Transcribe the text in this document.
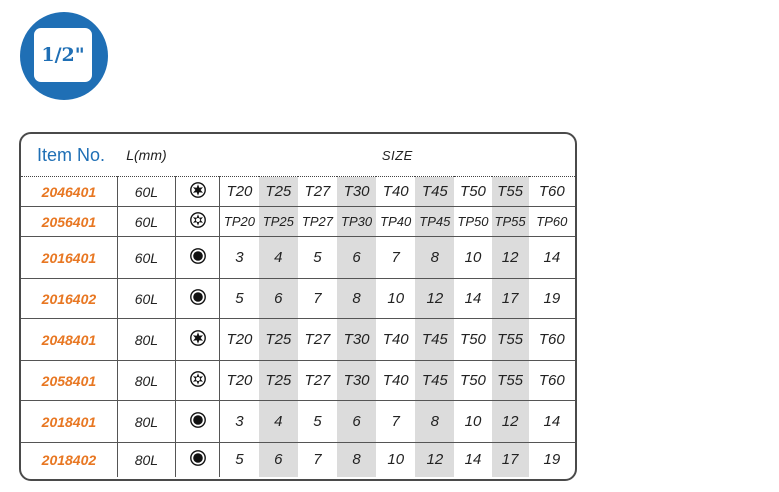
1/2"
Item No.	L(mm)		SIZE								
2046401	60L		T20	T25	T27	T30	T40	T45	T50	T55	T60
2056401	60L		TP20	TP25	TP27	TP30	TP40	TP45	TP50	TP55	TP60
2016401	60L		3	4	5	6	7	8	10	12	14
2016402	60L		5	6	7	8	10	12	14	17	19
2048401	80L		T20	T25	T27	T30	T40	T45	T50	T55	T60
2058401	80L		T20	T25	T27	T30	T40	T45	T50	T55	T60
2018401	80L		3	4	5	6	7	8	10	12	14
2018402	80L		5	6	7	8	10	12	14	17	19
